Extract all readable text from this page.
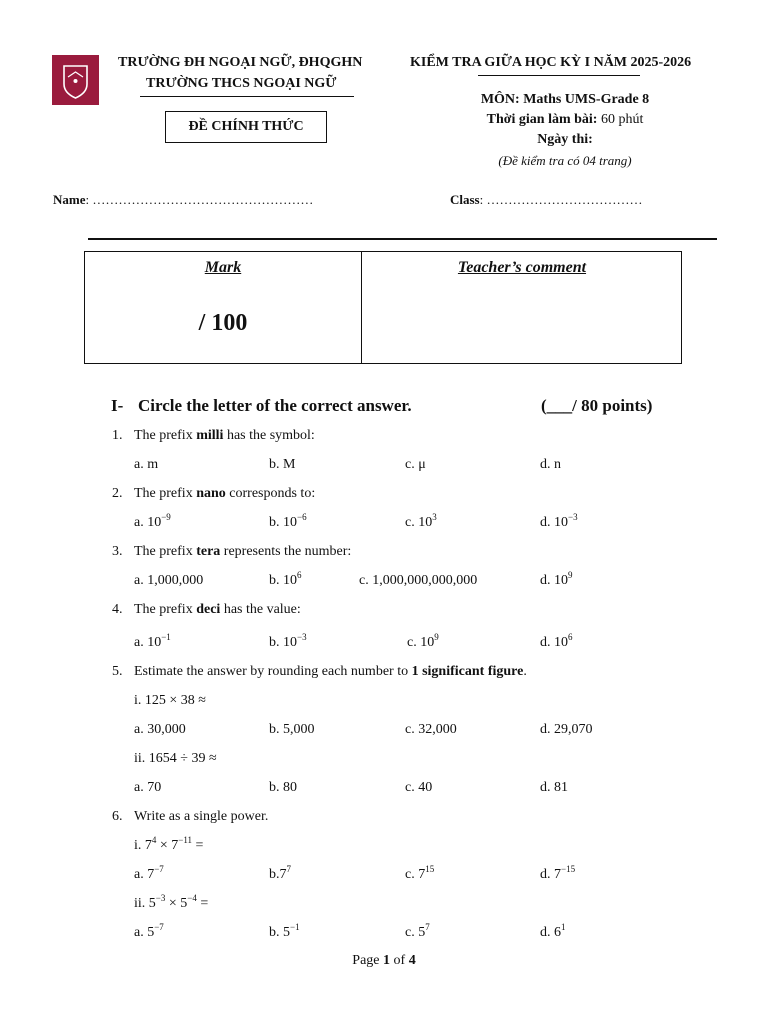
TRƯỜNG ĐH NGOẠI NGỮ, ĐHQGHN
TRƯỜNG THCS NGOẠI NGỮ
ĐỀ CHÍNH THỨC
KIỂM TRA GIỮA HỌC KỲ I NĂM 2025-2026
MÔN: Maths UMS-Grade 8
Thời gian làm bài: 60 phút
Ngày thi:
(Đề kiểm tra có 04 trang)
Name: ……………………………………………	Class: ………………………………
Mark
/ 100
Teacher’s comment
I- Circle the letter of the correct answer.	(___/ 80 points)
1. The prefix milli has the symbol:
a. m	b. M	c. μ	d. n
2. The prefix nano corresponds to:
a. $10^{-9}$	b. $10^{-6}$	c. $10^3$	d. $10^{-3}$
3. The prefix tera represents the number:
a. 1,000,000	b. $10^6$	c. 1,000,000,000,000	d. $10^9$
4. The prefix deci has the value:
a. $10^{-1}$	b. $10^{-3}$	c. $10^9$	d. $10^6$
5. Estimate the answer by rounding each number to 1 significant figure.
i. 125 × 38 ≈
a. 30,000	b. 5,000	c. 32,000	d. 29,070
ii. 1654 ÷ 39 ≈
a. 70	b. 80	c. 40	d. 81
6. Write as a single power.
i. $7^4 \times 7^{-11}$ =
a. $7^{-7}$	$b.7^7$	c. $7^{15}$	d. $7^{-15}$
ii. $5^{-3} \times 5^{-4}$ =
a. $5^{-7}$	b. $5^{-1}$	c. $5^7$	d. $6^1$
Page 1 of 4
